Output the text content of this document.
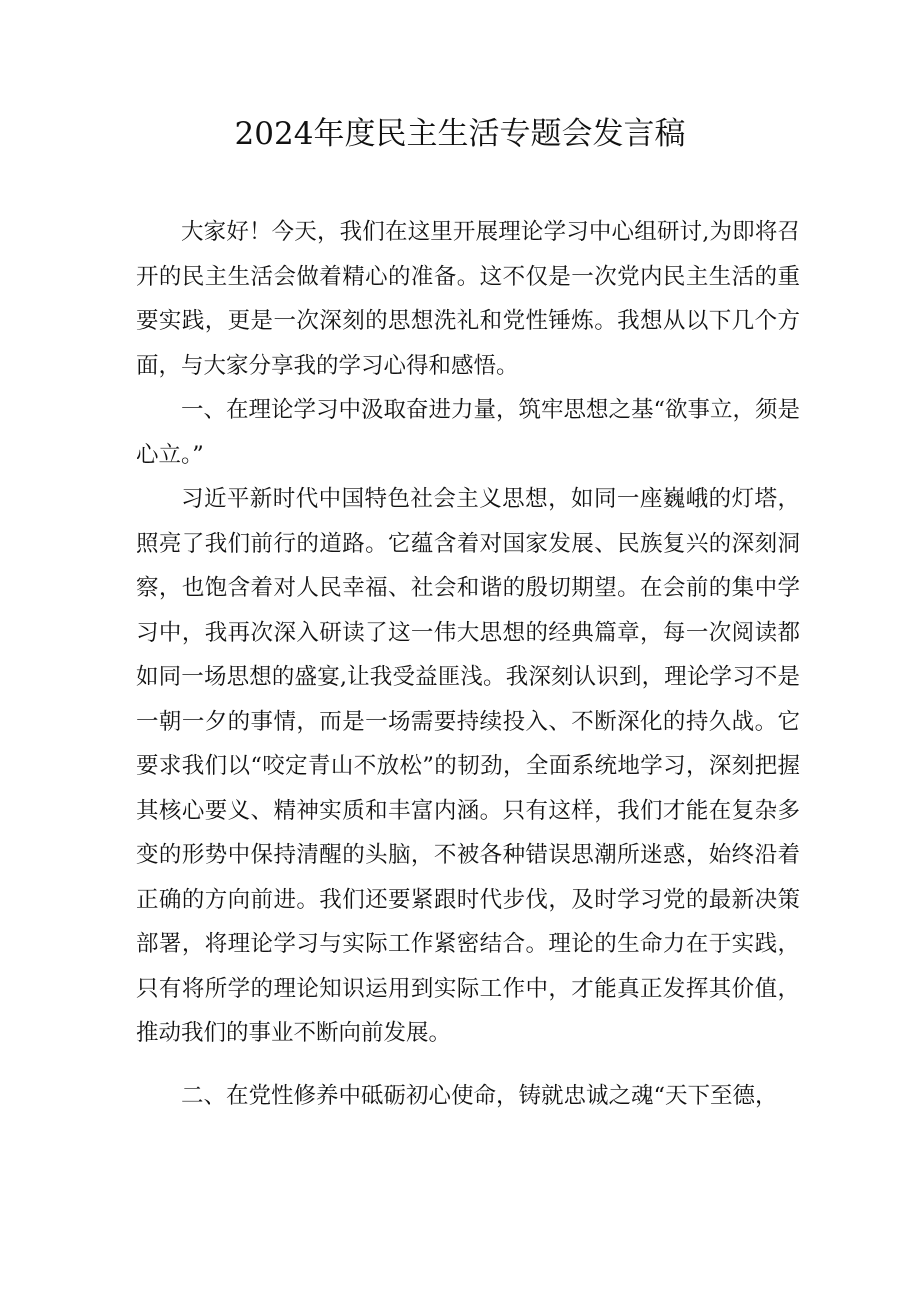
2024年度民主生活专题会发言稿

大家好！今天，我们在这里开展理论学习中心组研讨,为即将召开的民主生活会做着精心的准备。这不仅是一次党内民主生活的重要实践，更是一次深刻的思想洗礼和党性锤炼。我想从以下几个方面，与大家分享我的学习心得和感悟。

一、在理论学习中汲取奋进力量，筑牢思想之基“欲事立，须是心立。”

习近平新时代中国特色社会主义思想，如同一座巍峨的灯塔，照亮了我们前行的道路。它蕴含着对国家发展、民族复兴的深刻洞察，也饱含着对人民幸福、社会和谐的殷切期望。在会前的集中学习中，我再次深入研读了这一伟大思想的经典篇章，每一次阅读都如同一场思想的盛宴,让我受益匪浅。我深刻认识到，理论学习不是一朝一夕的事情，而是一场需要持续投入、不断深化的持久战。它要求我们以“咬定青山不放松”的韧劲，全面系统地学习，深刻把握其核心要义、精神实质和丰富内涵。只有这样，我们才能在复杂多变的形势中保持清醒的头脑，不被各种错误思潮所迷惑，始终沿着正确的方向前进。我们还要紧跟时代步伐，及时学习党的最新决策部署，将理论学习与实际工作紧密结合。理论的生命力在于实践，只有将所学的理论知识运用到实际工作中，才能真正发挥其价值，推动我们的事业不断向前发展。

二、在党性修养中砥砺初心使命，铸就忠诚之魂“天下至德，
